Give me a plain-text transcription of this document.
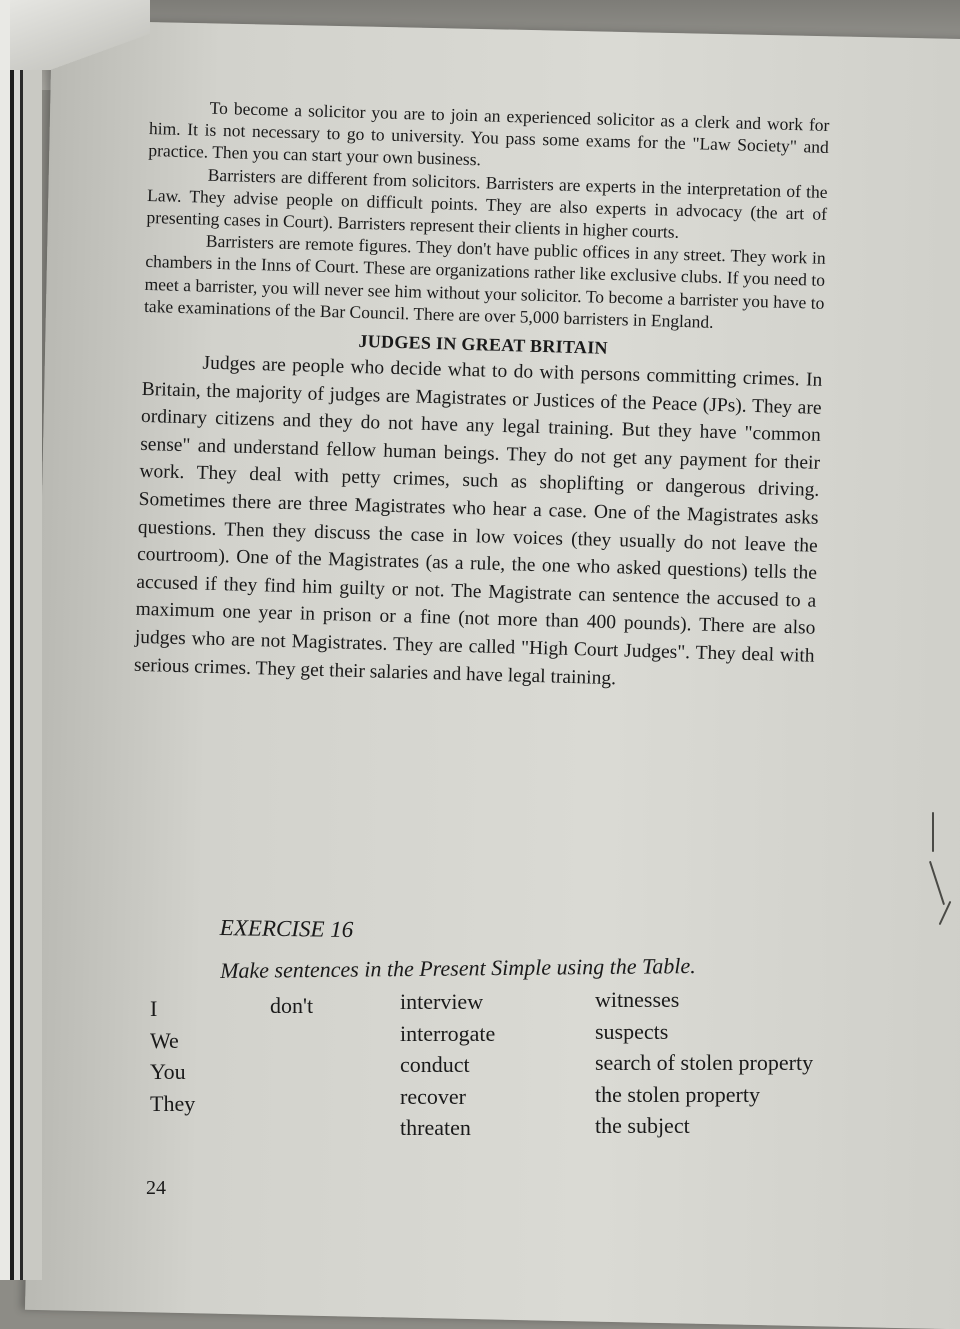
To become a solicitor you are to join an experienced solicitor as a clerk and work for him. It is not necessary to go to university. You pass some exams for the "Law Society" and practice. Then you can start your own business.

Barristers are different from solicitors. Barristers are experts in the interpretation of the Law. They advise people on difficult points. They are also experts in advocacy (the art of presenting cases in Court). Barristers represent their clients in higher courts.

Barristers are remote figures. They don't have public offices in any street. They work in chambers in the Inns of Court. These are organizations rather like exclusive clubs. If you need to meet a barrister, you will never see him without your solicitor. To become a barrister you have to take examinations of the Bar Council. There are over 5,000 barristers in England.

JUDGES IN GREAT BRITAIN

Judges are people who decide what to do with persons committing crimes. In Britain, the majority of judges are Magistrates or Justices of the Peace (JPs). They are ordinary citizens and they do not have any legal training. But they have "common sense" and understand fellow human beings. They do not get any payment for their work. They deal with petty crimes, such as shoplifting or dangerous driving. Sometimes there are three Magistrates who hear a case. One of the Magistrates asks questions. Then they discuss the case in low voices (they usually do not leave the courtroom). One of the Magistrates (as a rule, the one who asked questions) tells the accused if they find him guilty or not. The Magistrate can sentence the accused to a maximum one year in prison or a fine (not more than 400 pounds). There are also judges who are not Magistrates. They are called "High Court Judges". They deal with serious crimes. They get their salaries and have legal training.

EXERCISE 16
Make sentences in the Present Simple using the Table.
I
We
You
They
don't	interview
interrogate
conduct
recover
threaten
witnesses
suspects
search of stolen property
the stolen property
the subject
24
